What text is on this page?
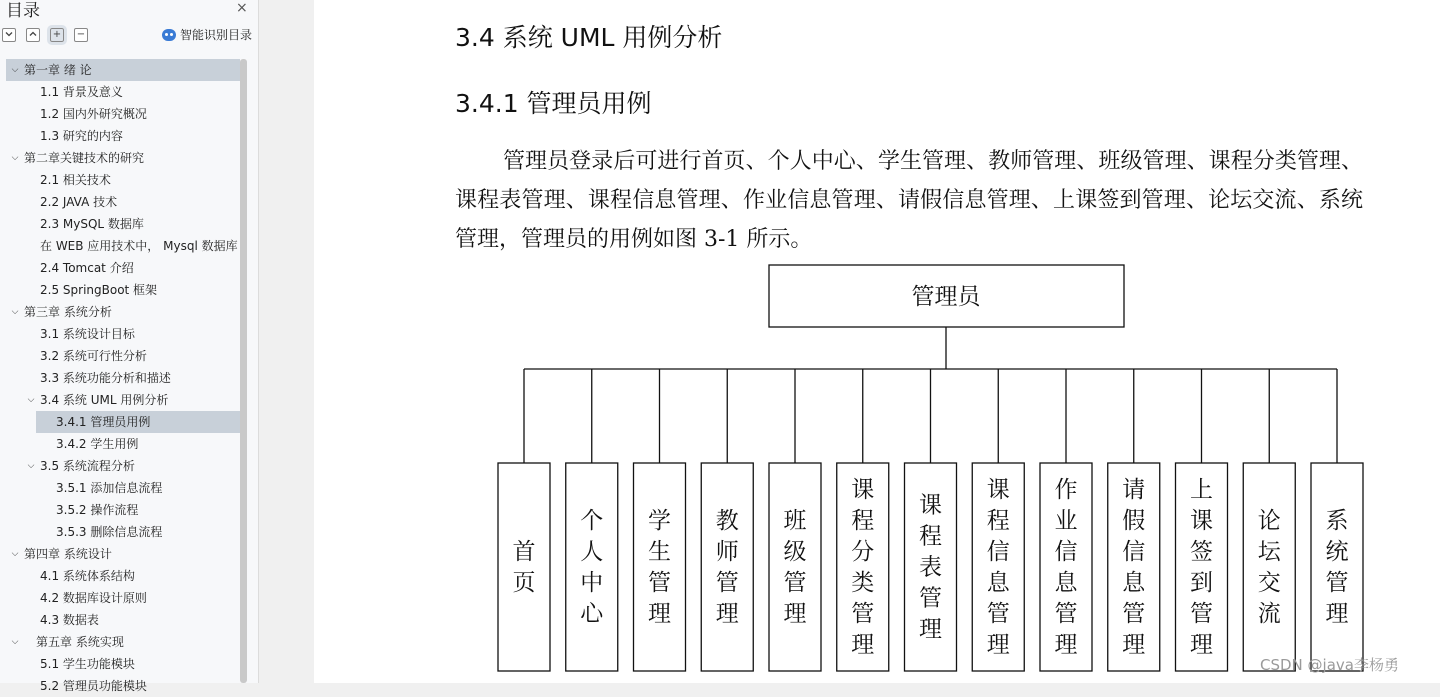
目录	×
+ −	智能识别目录
⌵ 第一章 绪 论
1.1 背景及意义
1.2 国内外研究概况
1.3 研究的内容
⌵ 第二章关键技术的研究
2.1 相关技术
2.2 JAVA 技术
2.3 MySQL 数据库
在 WEB 应用技术中， Mysql 数据库
2.4 Tomcat 介绍
2.5 SpringBoot 框架
⌵ 第三章 系统分析
3.1 系统设计目标
3.2 系统可行性分析
3.3 系统功能分析和描述
⌵ 3.4 系统 UML 用例分析
3.4.1 管理员用例
3.4.2 学生用例
⌵ 3.5 系统流程分析
3.5.1 添加信息流程
3.5.2 操作流程
3.5.3 删除信息流程
⌵ 第四章 系统设计
4.1 系统体系结构
4.2 数据库设计原则
4.3 数据表
⌵ 第五章 系统实现
5.1 学生功能模块
5.2 管理员功能模块
3.4 系统 UML 用例分析
3.4.1 管理员用例
管理员登录后可进行首页、个人中心、学生管理、教师管理、班级管理、课程分类管理、课程表管理、课程信息管理、作业信息管理、请假信息管理、上课签到管理、论坛交流、系统管理，管理员的用例如图 3-1 所示。
管理员
首页
个人中心
学生管理
教师管理
班级管理
课程分类管理
课程表管理
课程信息管理
作业信息管理
请假信息管理
上课签到管理
论坛交流
系统管理
CSDN @java李杨勇
